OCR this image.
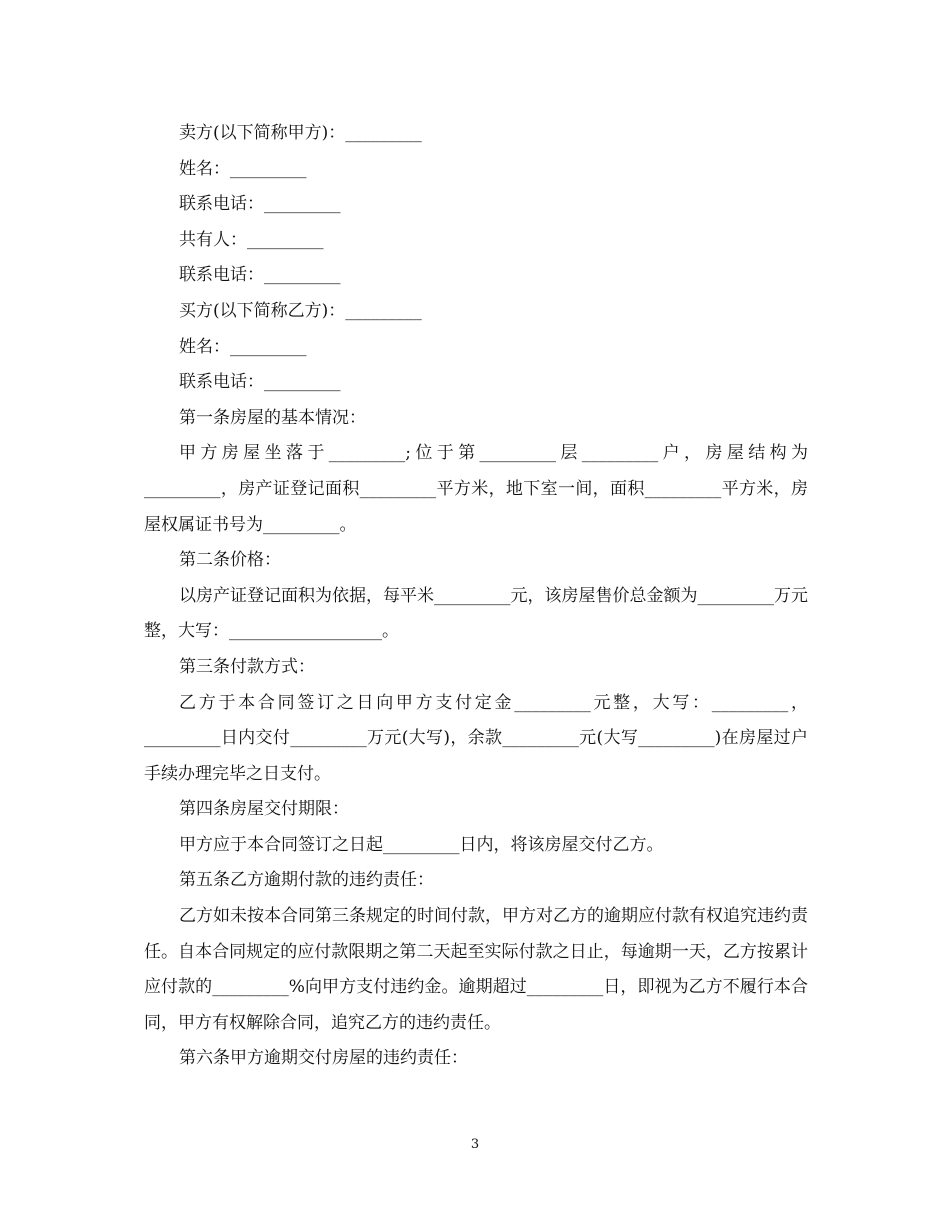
卖方(以下简称甲方)：_________

姓名：_________

联系电话：_________

共有人：_________

联系电话：_________

买方(以下简称乙方)：_________

姓名：_________

联系电话：_________

第一条房屋的基本情况：

甲方房屋坐落于_________;位于第_________层_________户，房屋结构为_________，房产证登记面积_________平方米，地下室一间，面积_________平方米，房屋权属证书号为_________。

第二条价格：

以房产证登记面积为依据，每平米_________元，该房屋售价总金额为_________万元整，大写：__________________。

第三条付款方式：

乙方于本合同签订之日向甲方支付定金_________元整，大写：_________，_________日内交付_________万元(大写)，余款_________元(大写_________)在房屋过户手续办理完毕之日支付。

第四条房屋交付期限：

甲方应于本合同签订之日起_________日内，将该房屋交付乙方。

第五条乙方逾期付款的违约责任：

乙方如未按本合同第三条规定的时间付款，甲方对乙方的逾期应付款有权追究违约责任。自本合同规定的应付款限期之第二天起至实际付款之日止，每逾期一天，乙方按累计应付款的_________%向甲方支付违约金。逾期超过_________日，即视为乙方不履行本合同，甲方有权解除合同，追究乙方的违约责任。

第六条甲方逾期交付房屋的违约责任：

3
